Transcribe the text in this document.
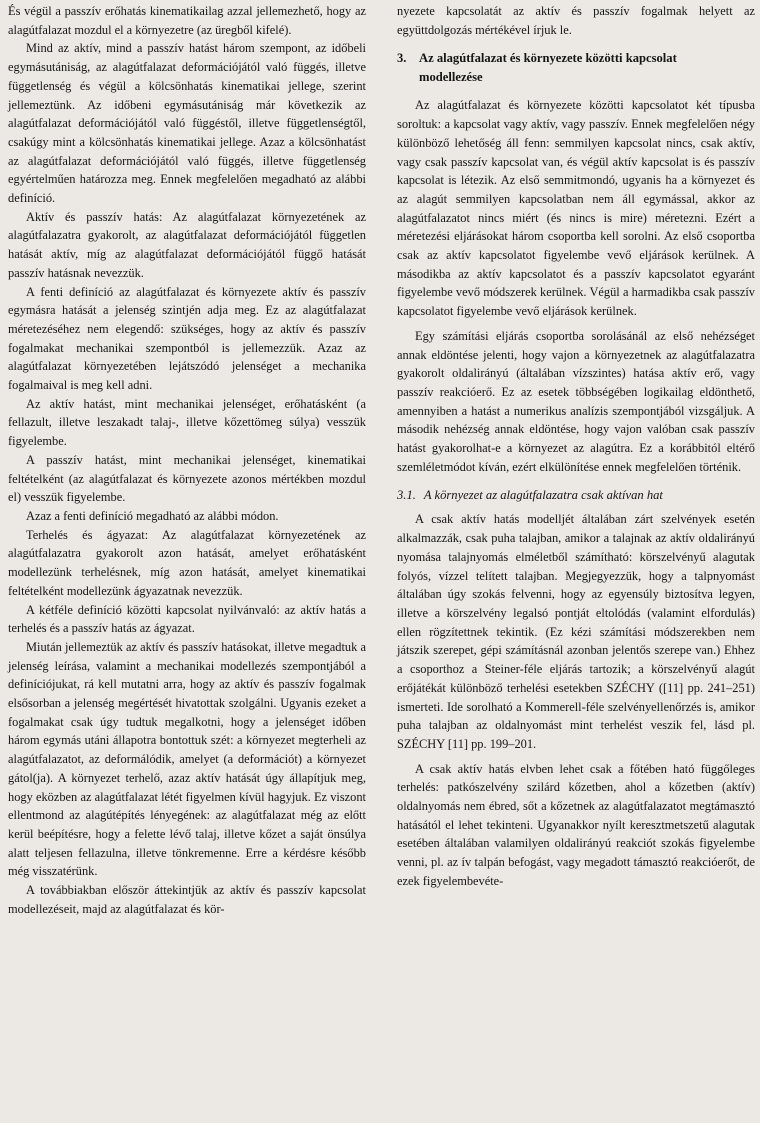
És végül a passzív erőhatás kinematikailag azzal jellemezhető, hogy az alagútfalazat mozdul el a környezetre (az üregből kifelé).

Mind az aktív, mind a passzív hatást három szempont, az időbeli egymásutániság, az alagútfalazat deformációjától való függés, illetve függetlenség és végül a kölcsönhatás kinematikai jellege, szerint jellemeztünk. Az időbeni egymásutániság már következik az alagútfalazat deformációjától való függéstől, illetve függetlenségtől, csakúgy mint a kölcsönhatás kinematikai jellege. Azaz a kölcsönhatást az alagútfalazat deformációjától való függés, illetve függetlenség egyértelműen határozza meg. Ennek megfelelően megadható az alábbi definíció.

Aktív és passzív hatás: Az alagútfalazat környezetének az alagútfalazatra gyakorolt, az alagútfalazat deformációjától független hatását aktív, míg az alagútfalazat deformációjától függő hatását passzív hatásnak nevezzük.

A fenti definíció az alagútfalazat és környezete aktív és passzív egymásra hatását a jelenség szintjén adja meg. Ez az alagútfalazat méretezéséhez nem elegendő: szükséges, hogy az aktív és passzív fogalmakat mechanikai szempontból is jellemezzük. Azaz az alagútfalazat környezetében lejátszódó jelenséget a mechanika fogalmaival is meg kell adni.

Az aktív hatást, mint mechanikai jelenséget, erőhatásként (a fellazult, illetve leszakadt talaj-, illetve kőzettömeg súlya) vesszük figyelembe.

A passzív hatást, mint mechanikai jelenséget, kinematikai feltételként (az alagútfalazat és környezete azonos mértékben mozdul el) vesszük figyelembe.

Azaz a fenti definíció megadható az alábbi módon.

Terhelés és ágyazat: Az alagútfalazat környezetének az alagútfalazatra gyakorolt azon hatását, amelyet erőhatásként modellezünk terhelésnek, míg azon hatását, amelyet kinematikai feltételként modellezünk ágyazatnak nevezzük.

A kétféle definíció közötti kapcsolat nyilvánvaló: az aktív hatás a terhelés és a passzív hatás az ágyazat.

Miután jellemeztük az aktív és passzív hatásokat, illetve megadtuk a jelenség leírása, valamint a mechanikai modellezés szempontjából a definíciójukat, rá kell mutatni arra, hogy az aktív és passzív fogalmak elsősorban a jelenség megértését hivatottak szolgálni. Ugyanis ezeket a fogalmakat csak úgy tudtuk megalkotni, hogy a jelenséget időben három egymás utáni állapotra bontottuk szét: a környezet megterheli az alagútfalazatot, az deformálódik, amelyet (a deformációt) a környezet gátol(ja). A környezet terhelő, azaz aktív hatását úgy állapítjuk meg, hogy eközben az alagútfalazat létét figyelmen kívül hagyjuk. Ez viszont ellentmond az alagútépítés lényegének: az alagútfalazat még az előtt kerül beépítésre, hogy a felette lévő talaj, illetve kőzet a saját önsúlya alatt teljesen fellazulna, illetve tönkremenne. Erre a kérdésre később még visszatérünk.

A továbbiakban először áttekintjük az aktív és passzív kapcsolat modellezéseit, majd az alagútfalazat és kör-

nyezete kapcsolatát az aktív és passzív fogalmak helyett az együttdolgozás mértékével írjuk le.

3. Az alagútfalazat és környezete közötti kapcsolat
modellezése

Az alagútfalazat és környezete közötti kapcsolatot két típusba soroltuk: a kapcsolat vagy aktív, vagy passzív. Ennek megfelelően négy különböző lehetőség áll fenn: semmilyen kapcsolat nincs, csak aktív, vagy csak passzív kapcsolat van, és végül aktív kapcsolat is és passzív kapcsolat is létezik. Az első semmitmondó, ugyanis ha a környezet és az alagút semmilyen kapcsolatban nem áll egymással, akkor az alagútfalazatot nincs miért (és nincs is mire) méretezni. Ezért a méretezési eljárásokat három csoportba kell sorolni. Az első csoportba csak az aktív kapcsolatot figyelembe vevő eljárások kerülnek. A másodikba az aktív kapcsolatot és a passzív kapcsolatot egyaránt figyelembe vevő módszerek kerülnek. Végül a harmadikba csak passzív kapcsolatot figyelembe vevő eljárások kerülnek.

Egy számítási eljárás csoportba sorolásánál az első nehézséget annak eldöntése jelenti, hogy vajon a környezetnek az alagútfalazatra gyakorolt oldalirányú (általában vízszintes) hatása aktív erő, vagy passzív reakcióerő. Ez az esetek többségében logikailag eldönthető, amennyiben a hatást a numerikus analízis szempontjából vizsgáljuk. A második nehézség annak eldöntése, hogy vajon valóban csak passzív hatást gyakorolhat-e a környezet az alagútra. Ez a korábbitól eltérő szemléletmódot kíván, ezért elkülönítése ennek megfelelően történik.

3.1. A környezet az alagútfalazatra csak aktívan hat

A csak aktív hatás modelljét általában zárt szelvények esetén alkalmazzák, csak puha talajban, amikor a talajnak az aktív oldalirányú nyomása talajnyomás elméletből számítható: körszelvényű alagutak folyós, vízzel telített talajban. Megjegyezzük, hogy a talpnyomást általában úgy szokás felvenni, hogy az egyensúly biztosítva legyen, illetve a körszelvény legalsó pontját eltolódás (valamint elfordulás) ellen rögzítettnek tekintik. (Ez kézi számítási módszerekben nem játszik szerepet, gépi számításnál azonban jelentős szerepe van.) Ehhez a csoporthoz a Steiner-féle eljárás tartozik; a körszelvényű alagút erőjátékát különböző terhelési esetekben SZÉCHY ([11] pp. 241–251) ismerteti. Ide sorolható a Kommerell-féle szelvényellenőrzés is, amikor puha talajban az oldalnyomást mint terhelést veszik fel, lásd pl. SZÉCHY [11] pp. 199–201.

A csak aktív hatás elvben lehet csak a főtében ható függőleges terhelés: patkószelvény szilárd kőzetben, ahol a kőzetben (aktív) oldalnyomás nem ébred, sőt a kőzetnek az alagútfalazatot megtámasztó hatásától el lehet tekinteni. Ugyanakkor nyílt keresztmetszetű alagutak esetében általában valamilyen oldalirányú reakciót szokás figyelembe venni, pl. az ív talpán befogást, vagy megadott támasztó reakcióerőt, de ezek figyelembevéte-
